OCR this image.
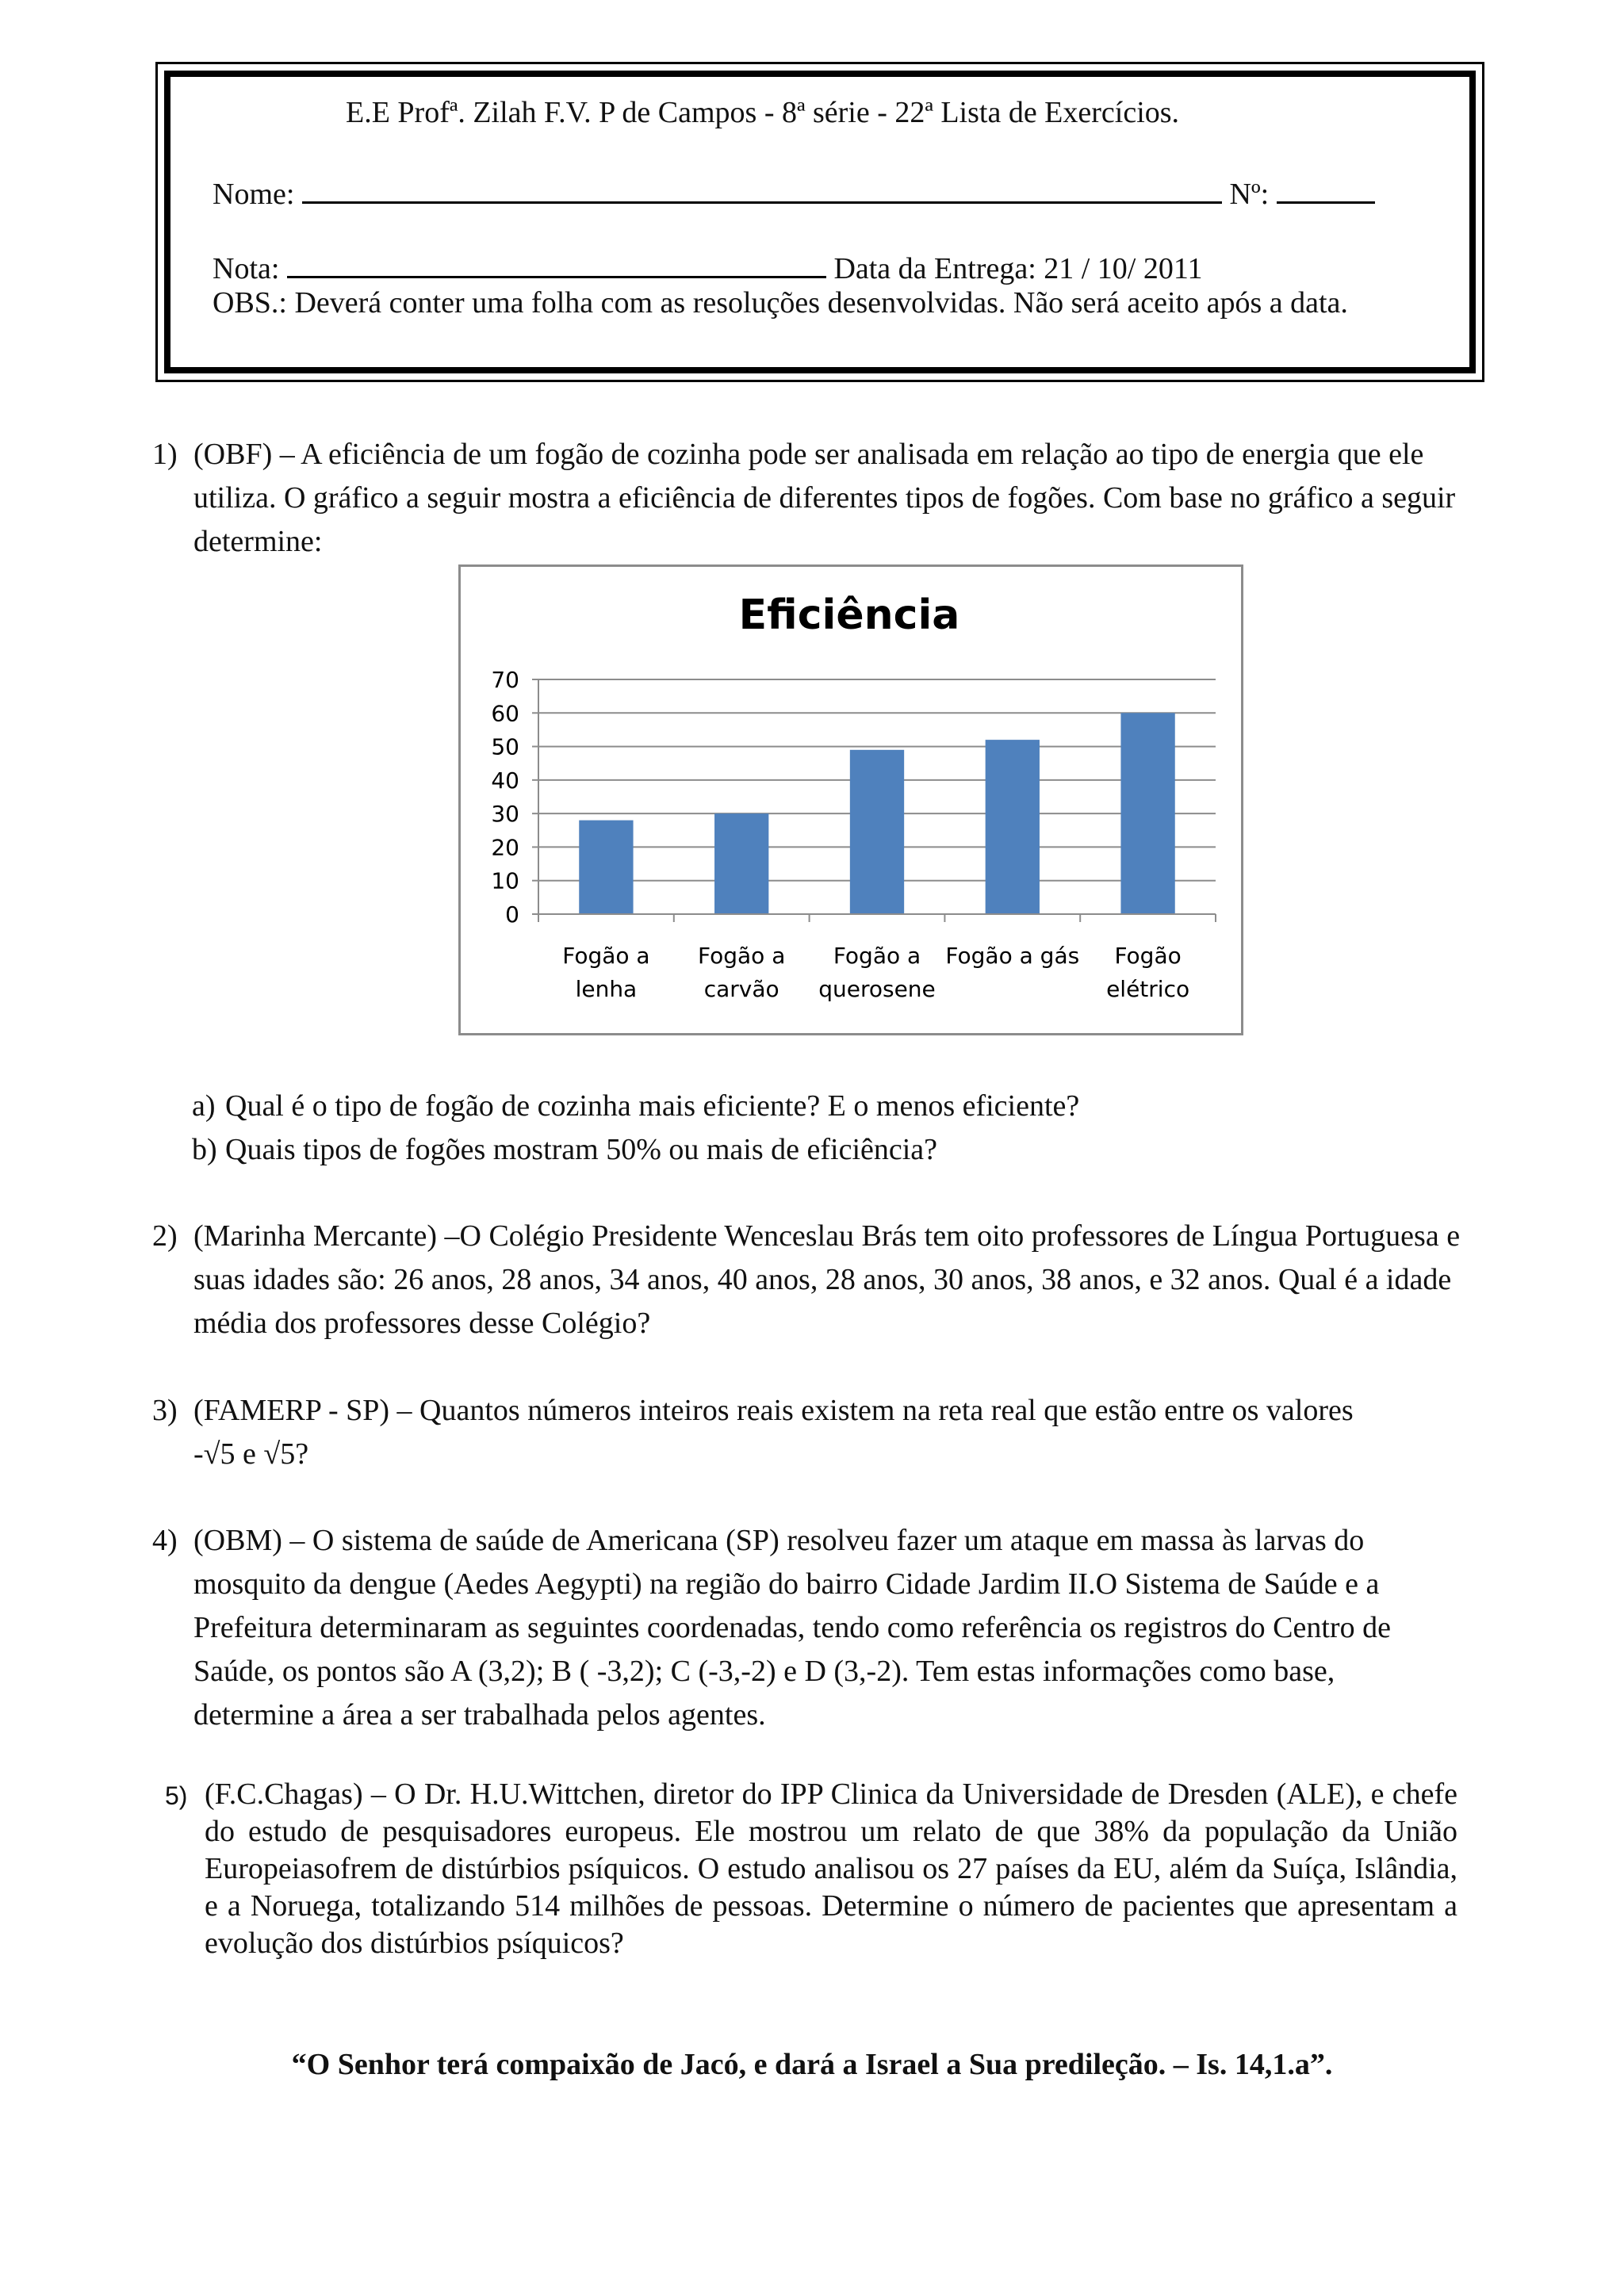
E.E Profª. Zilah F.V. P de Campos - 8ª série - 22ª Lista de Exercícios.
Nome:	Nº:
Nota:	Data da Entrega: 21 / 10/ 2011
OBS.: Deverá conter uma folha com as resoluções desenvolvidas. Não será aceito após a data.
1) (OBF) – A eficiência de um fogão de cozinha pode ser analisada em relação ao tipo de energia que ele utiliza. O gráfico a seguir mostra a eficiência de diferentes tipos de fogões. Com base no gráfico a seguir determine:
Eficiência
0
10
20
30
40
50
60
70
Fogão a
lenha
Fogão a
carvão
Fogão a
querosene
Fogão a gás Fogão
elétrico
a) Qual é o tipo de fogão de cozinha mais eficiente? E o menos eficiente?
b) Quais tipos de fogões mostram 50% ou mais de eficiência?
2) (Marinha Mercante) –O Colégio Presidente Wenceslau Brás tem oito professores de Língua Portuguesa e suas idades são: 26 anos, 28 anos, 34 anos, 40 anos, 28 anos, 30 anos, 38 anos, e 32 anos. Qual é a idade média dos professores desse Colégio?
3) (FAMERP - SP) – Quantos números inteiros reais existem na reta real que estão entre os valores -√5 e √5?
4) (OBM) – O sistema de saúde de Americana (SP) resolveu fazer um ataque em massa às larvas do mosquito da dengue (Aedes Aegypti) na região do bairro Cidade Jardim II.O Sistema de Saúde e a Prefeitura determinaram as seguintes coordenadas, tendo como referência os registros do Centro de Saúde, os pontos são A (3,2); B ( -3,2); C (-3,-2) e D (3,-2). Tem estas informações como base, determine a área a ser trabalhada pelos agentes.
5) (F.C.Chagas) – O Dr. H.U.Wittchen, diretor do IPP Clinica da Universidade de Dresden (ALE), e chefe do estudo de pesquisadores europeus. Ele mostrou um relato de que 38% da população da União Europeiasofrem de distúrbios psíquicos. O estudo analisou os 27 países da EU, além da Suíça, Islândia, e a Noruega, totalizando 514 milhões de pessoas. Determine o número de pacientes que apresentam a evolução dos distúrbios psíquicos?
“O Senhor terá compaixão de Jacó, e dará a Israel a Sua predileção. – Is. 14,1.a”.
